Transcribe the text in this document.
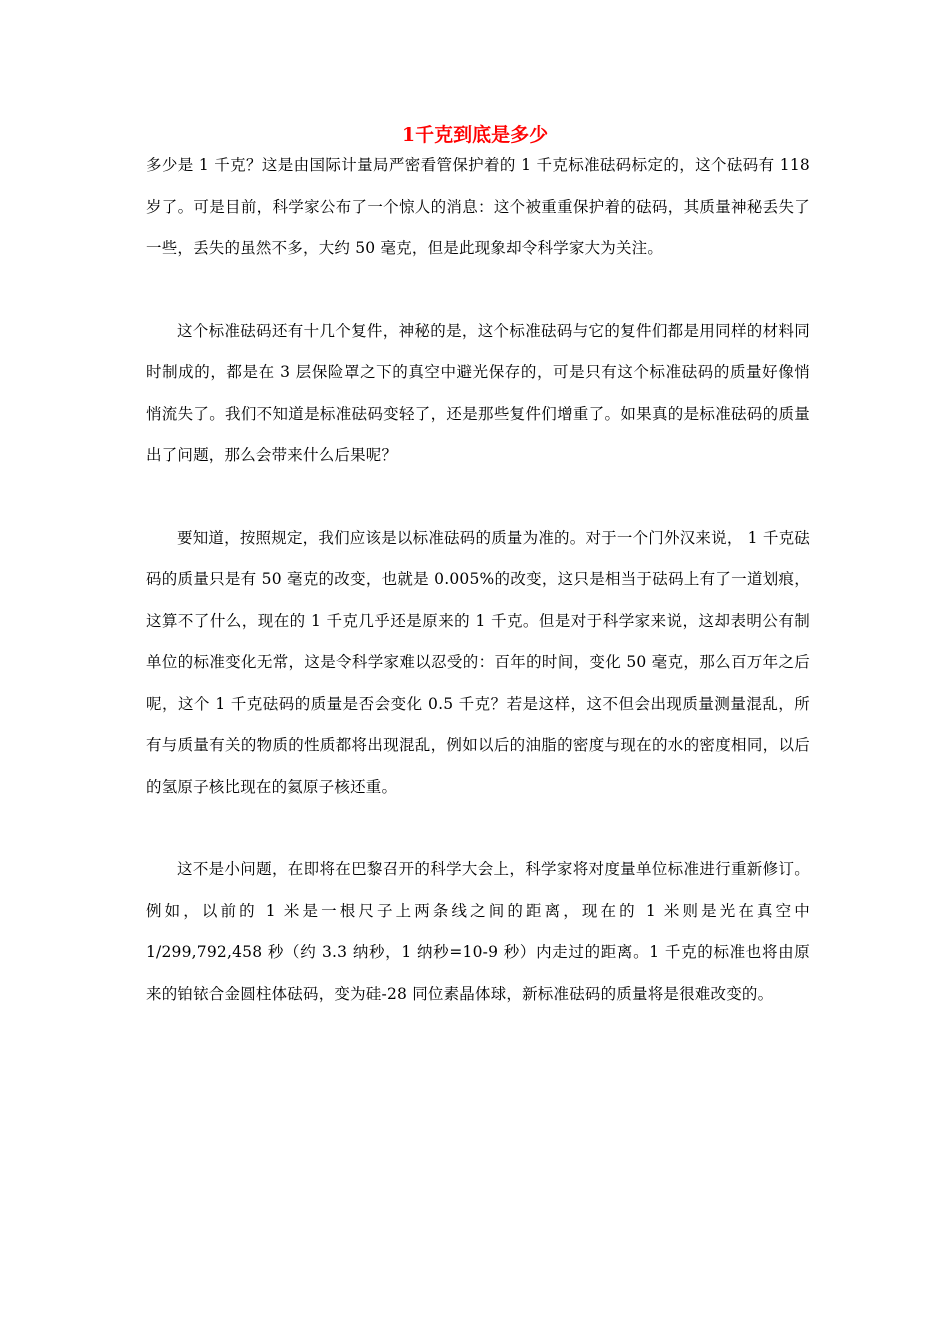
1千克到底是多少

多少是 1 千克？这是由国际计量局严密看管保护着的 1 千克标准砝码标定的，这个砝码有 118 岁了。可是目前，科学家公布了一个惊人的消息：这个被重重保护着的砝码，其质量神秘丢失了一些，丢失的虽然不多，大约 50 毫克，但是此现象却令科学家大为关注。

这个标准砝码还有十几个复件，神秘的是，这个标准砝码与它的复件们都是用同样的材料同时制成的，都是在 3 层保险罩之下的真空中避光保存的，可是只有这个标准砝码的质量好像悄悄流失了。我们不知道是标准砝码变轻了，还是那些复件们增重了。如果真的是标准砝码的质量出了问题，那么会带来什么后果呢？

要知道，按照规定，我们应该是以标准砝码的质量为准的。对于一个门外汉来说， 1 千克砝码的质量只是有 50 毫克的改变，也就是 0.005%的改变，这只是相当于砝码上有了一道划痕，这算不了什么，现在的 1 千克几乎还是原来的 1 千克。但是对于科学家来说，这却表明公有制单位的标准变化无常，这是令科学家难以忍受的：百年的时间，变化 50 毫克，那么百万年之后呢，这个 1 千克砝码的质量是否会变化 0.5 千克？若是这样，这不但会出现质量测量混乱，所有与质量有关的物质的性质都将出现混乱，例如以后的油脂的密度与现在的水的密度相同，以后的氢原子核比现在的氦原子核还重。

这不是小问题，在即将在巴黎召开的科学大会上，科学家将对度量单位标准进行重新修订。例如，以前的 1 米是一根尺子上两条线之间的距离，现在的 1 米则是光在真空中 1/299,792,458 秒（约 3.3 纳秒，1 纳秒=10-9 秒）内走过的距离。1 千克的标准也将由原来的铂铱合金圆柱体砝码，变为硅-28 同位素晶体球，新标准砝码的质量将是很难改变的。
